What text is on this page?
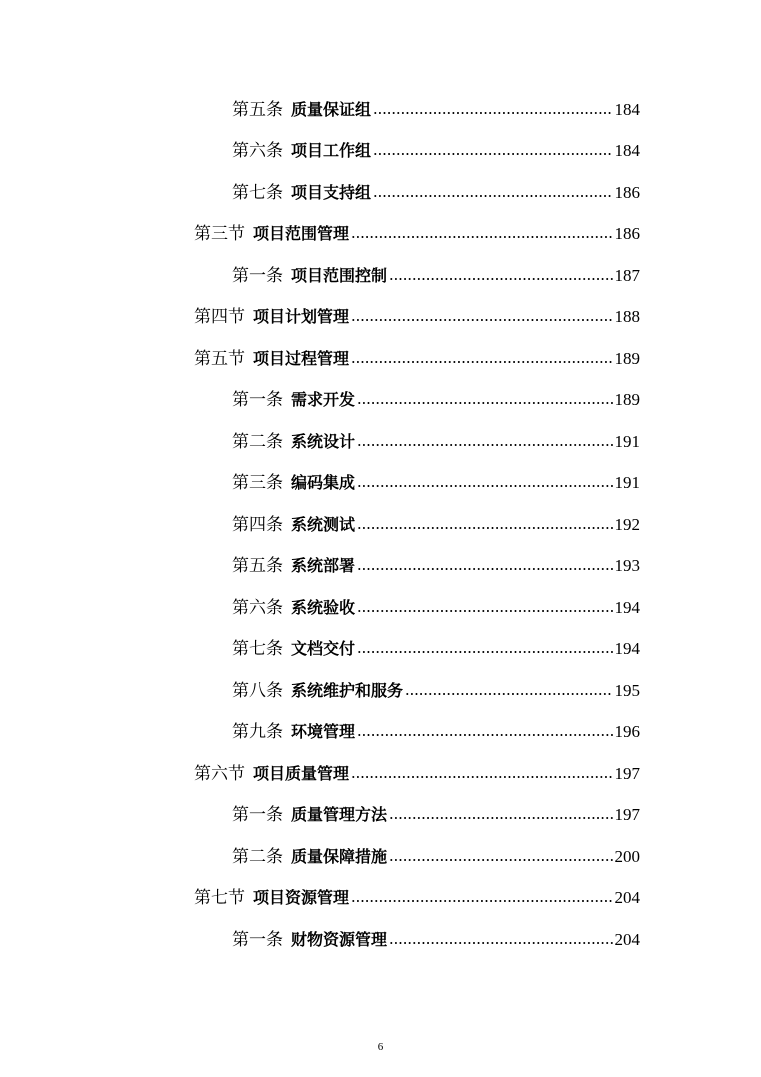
第五条 质量保证组	184
第六条 项目工作组	184
第七条 项目支持组	186
第三节 项目范围管理	186
第一条 项目范围控制	187
第四节 项目计划管理	188
第五节 项目过程管理	189
第一条 需求开发	189
第二条 系统设计	191
第三条 编码集成	191
第四条 系统测试	192
第五条 系统部署	193
第六条 系统验收	194
第七条 文档交付	194
第八条 系统维护和服务	195
第九条 环境管理	196
第六节 项目质量管理	197
第一条 质量管理方法	197
第二条 质量保障措施	200
第七节 项目资源管理	204
第一条 财物资源管理	204
6
